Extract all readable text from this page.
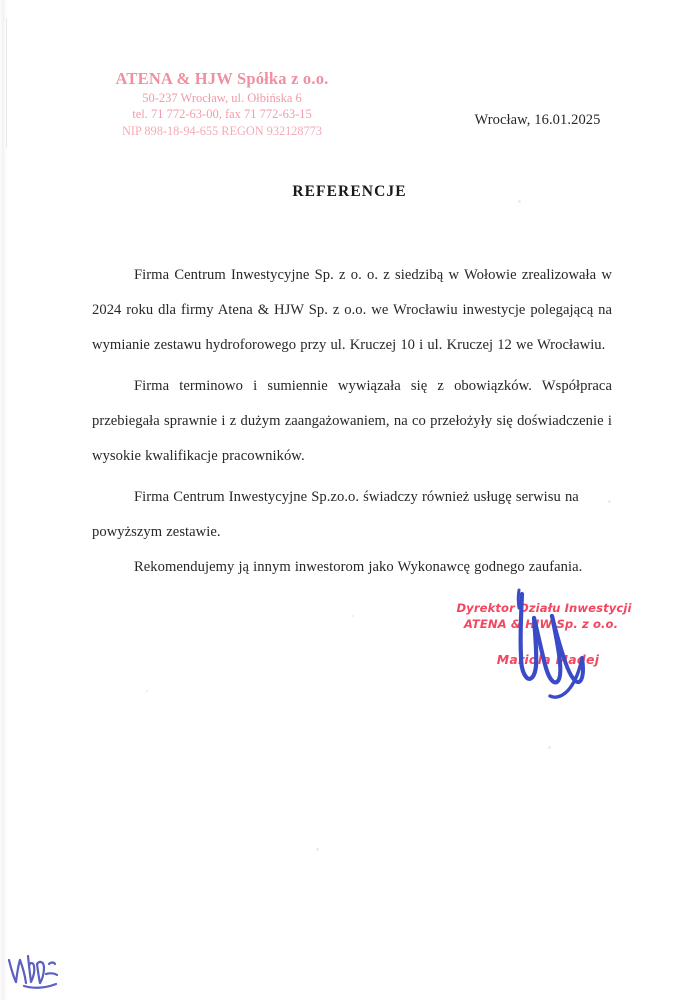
ATENA & HJW Spółka z o.o.
50-237 Wrocław, ul. Ołbińska 6
tel. 71 772-63-00, fax 71 772-63-15
NIP 898-18-94-655 REGON 932128773
Wrocław, 16.01.2025
REFERENCJE

Firma Centrum Inwestycyjne Sp. z o. o. z siedzibą w Wołowie zrealizowała w 2024 roku dla firmy Atena & HJW Sp. z o.o. we Wrocławiu inwestycje polegającą na wymianie zestawu hydroforowego przy ul. Kruczej 10 i ul. Kruczej 12 we Wrocławiu.

Firma terminowo i sumiennie wywiązała się z obowiązków. Współpraca przebiegała sprawnie i z dużym zaangażowaniem, na co przełożyły się doświadczenie i wysokie kwalifikacje pracowników.

Firma Centrum Inwestycyjne Sp.zo.o. świadczy również usługę serwisu na powyższym zestawie.

Rekomendujemy ją innym inwestorom jako Wykonawcę godnego zaufania.

Dyrektor Działu Inwestycji
ATENA & HJW Sp. z o.o.
Mariola Madej
